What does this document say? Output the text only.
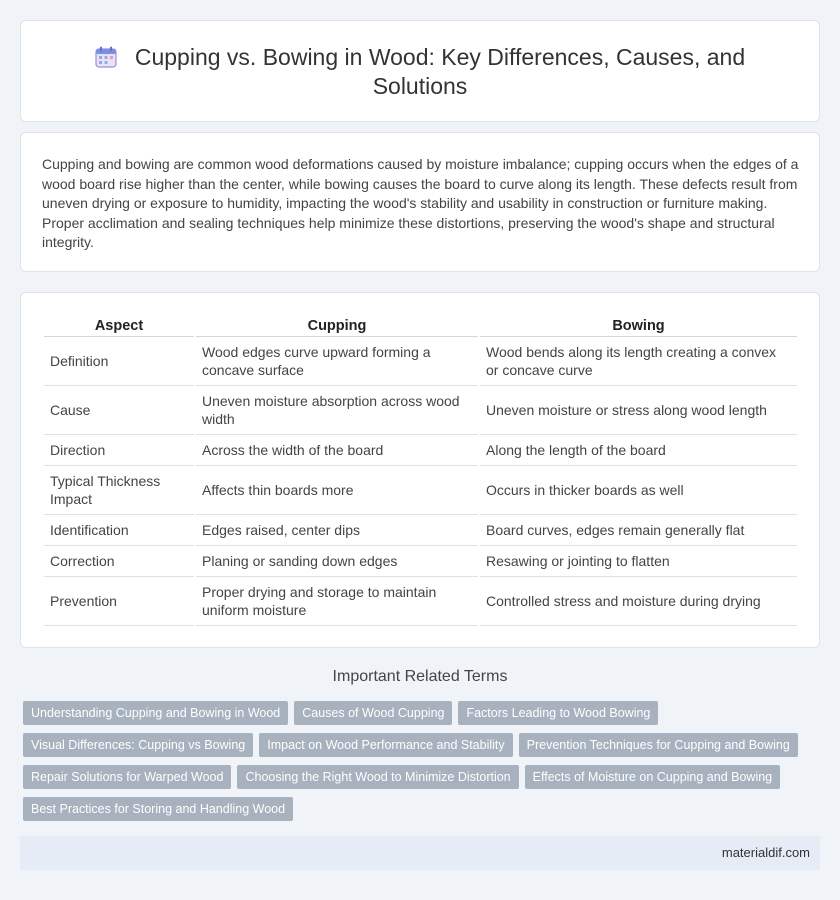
Cupping vs. Bowing in Wood: Key Differences, Causes, and Solutions

Cupping and bowing are common wood deformations caused by moisture imbalance; cupping occurs when the edges of a wood board rise higher than the center, while bowing causes the board to curve along its length. These defects result from uneven drying or exposure to humidity, impacting the wood's stability and usability in construction or furniture making. Proper acclimation and sealing techniques help minimize these distortions, preserving the wood's shape and structural integrity.

Aspect	Cupping	Bowing
Definition	Wood edges curve upward forming a concave surface	Wood bends along its length creating a convex or concave curve
Cause	Uneven moisture absorption across wood width	Uneven moisture or stress along wood length
Direction	Across the width of the board	Along the length of the board
Typical Thickness Impact	Affects thin boards more	Occurs in thicker boards as well
Identification	Edges raised, center dips	Board curves, edges remain generally flat
Correction	Planing or sanding down edges	Resawing or jointing to flatten
Prevention	Proper drying and storage to maintain uniform moisture	Controlled stress and moisture during drying
Important Related Terms
Understanding Cupping and Bowing in Wood	Causes of Wood Cupping	Factors Leading to Wood Bowing
Visual Differences: Cupping vs Bowing	Impact on Wood Performance and Stability	Prevention Techniques for Cupping and Bowing
Repair Solutions for Warped Wood	Choosing the Right Wood to Minimize Distortion	Effects of Moisture on Cupping and Bowing
Best Practices for Storing and Handling Wood
materialdif.com
